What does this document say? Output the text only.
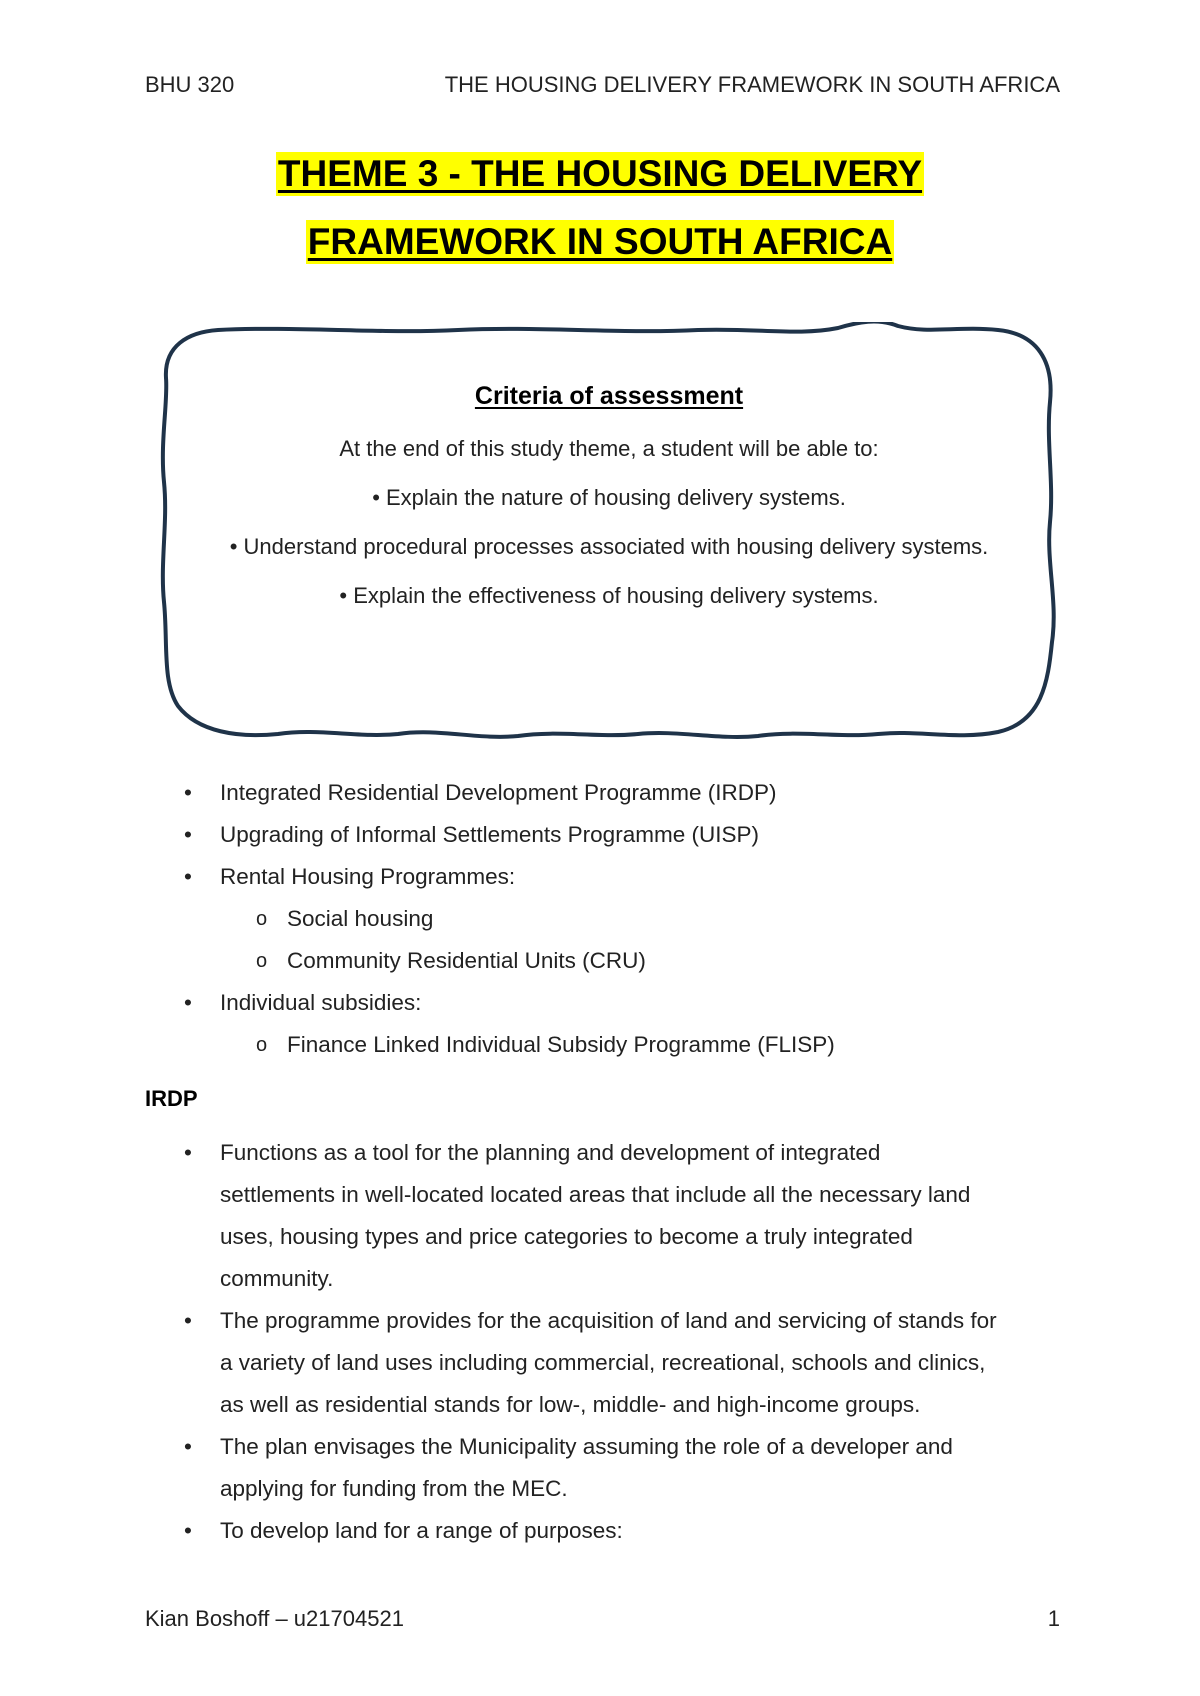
BHU 320	THE HOUSING DELIVERY FRAMEWORK IN SOUTH AFRICA
THEME 3 - THE HOUSING DELIVERY
FRAMEWORK IN SOUTH AFRICA
Criteria of assessment
At the end of this study theme, a student will be able to:
• Explain the nature of housing delivery systems.
• Understand procedural processes associated with housing delivery systems.
• Explain the effectiveness of housing delivery systems.
• Integrated Residential Development Programme (IRDP)
• Upgrading of Informal Settlements Programme (UISP)
• Rental Housing Programmes:
o Social housing
o Community Residential Units (CRU)
• Individual subsidies:
o Finance Linked Individual Subsidy Programme (FLISP)
IRDP
• Functions as a tool for the planning and development of integrated
settlements in well-located located areas that include all the necessary land
uses, housing types and price categories to become a truly integrated
community.
• The programme provides for the acquisition of land and servicing of stands for
a variety of land uses including commercial, recreational, schools and clinics,
as well as residential stands for low-, middle- and high-income groups.
• The plan envisages the Municipality assuming the role of a developer and
applying for funding from the MEC.
• To develop land for a range of purposes:
Kian Boshoff – u21704521	1
